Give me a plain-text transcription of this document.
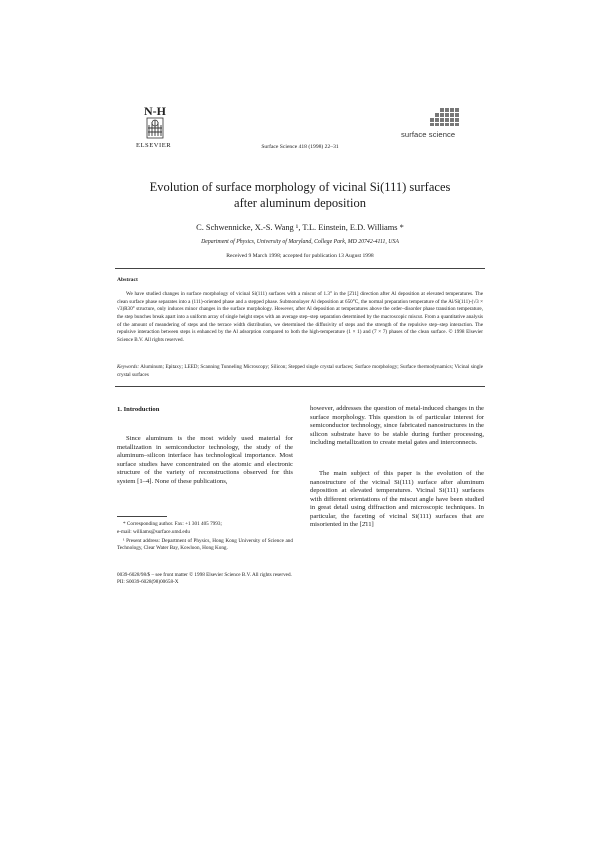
N-H
ELSEVIER	Surface Science 418 (1998) 22–31
surface science
Evolution of surface morphology of vicinal Si(111) surfaces
after aluminum deposition
C. Schwennicke, X.-S. Wang ¹, T.L. Einstein, E.D. Williams *
Department of Physics, University of Maryland, College Park, MD 20742-4111, USA
Received 9 March 1998; accepted for publication 13 August 1998
Abstract
We have studied changes in surface morphology of vicinal Si(111) surfaces with a miscut of 1.3° in the [2̄11] direction after Al deposition at elevated temperatures. The clean surface phase separates into a (111)-oriented phase and a stepped phase. Submonolayer Al deposition at 650°C, the normal preparation temperature of the Al/Si(111)-(√3 × √3)R30° structure, only induces minor changes in the surface morphology. However, after Al deposition at temperatures above the order–disorder phase transition temperature, the step bunches break apart into a uniform array of single height steps with an average step–step separation determined by the macroscopic miscut. From a quantitative analysis of the amount of meandering of steps and the terrace width distribution, we determined the diffusivity of steps and the strength of the repulsive step–step interaction. The repulsive interaction between steps is enhanced by the Al adsorption compared to both the high-temperature (1 × 1) and (7 × 7) phases of the clean surface. © 1998 Elsevier Science B.V. All rights reserved.
Keywords: Aluminum; Epitaxy; LEED; Scanning Tunneling Microscopy; Silicon; Stepped single crystal surfaces; Surface morphology; Surface thermodynamics; Vicinal single crystal surfaces
1. Introduction
Since aluminum is the most widely used material for metallization in semiconductor technology, the study of the aluminum–silicon interface has technological importance. Most surface studies have concentrated on the atomic and electronic structure of the variety of reconstructions observed for this system [1–4]. None of these publications,
however, addresses the question of metal-induced changes in the surface morphology. This question is of particular interest for semiconductor technology, since fabricated nanostructures in the silicon substrate have to be stable during further processing, including metallization to create metal gates and interconnects.
The main subject of this paper is the evolution of the nanostructure of the vicinal Si(111) surface after aluminum deposition at elevated temperatures. Vicinal Si(111) surfaces with different orientations of the miscut angle have been studied in great detail using diffraction and microscopic techniques. In particular, the faceting of vicinal Si(111) surfaces that are misoriented in the [2̄11]
* Corresponding author. Fax: +1 301 405 7993;
e-mail: williams@surface.umd.edu
¹ Present address: Department of Physics, Hong Kong University of Science and Technology, Clear Water Bay, Kowloon, Hong Kong.
0039-6028/98/$ – see front matter © 1998 Elsevier Science B.V. All rights reserved.
PII: S0039-6028(98)00658-X
